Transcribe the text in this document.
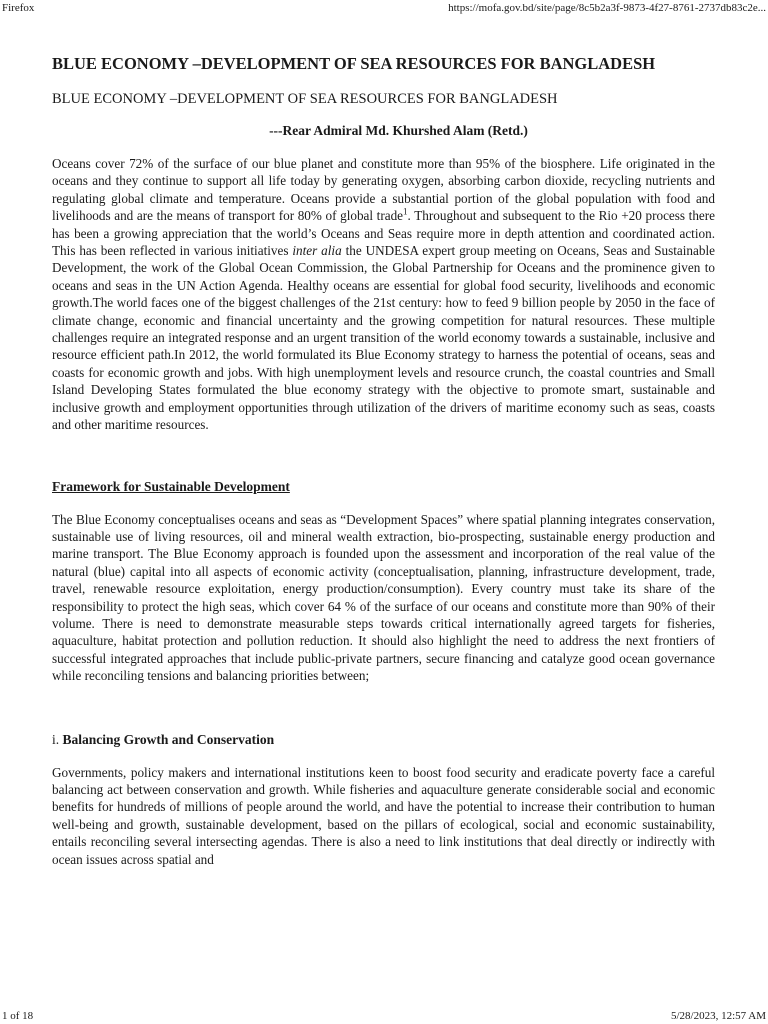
Firefox	https://mofa.gov.bd/site/page/8c5b2a3f-9873-4f27-8761-2737db83c2e...
BLUE ECONOMY –DEVELOPMENT OF SEA RESOURCES FOR BANGLADESH
BLUE ECONOMY –DEVELOPMENT OF SEA RESOURCES FOR BANGLADESH
---Rear Admiral Md. Khurshed Alam (Retd.)

Oceans cover 72% of the surface of our blue planet and constitute more than 95% of the biosphere. Life originated in the oceans and they continue to support all life today by generating oxygen, absorbing carbon dioxide, recycling nutrients and regulating global climate and temperature. Oceans provide a substantial portion of the global population with food and livelihoods and are the means of transport for 80% of global trade$^1$. Throughout and subsequent to the Rio +20 process there has been a growing appreciation that the world’s Oceans and Seas require more in depth attention and coordinated action. This has been reflected in various initiatives inter alia the UNDESA expert group meeting on Oceans, Seas and Sustainable Development, the work of the Global Ocean Commission, the Global Partnership for Oceans and the prominence given to oceans and seas in the UN Action Agenda. Healthy oceans are essential for global food security, livelihoods and economic growth.The world faces one of the biggest challenges of the 21st century: how to feed 9 billion people by 2050 in the face of climate change, economic and financial uncertainty and the growing competition for natural resources. These multiple challenges require an integrated response and an urgent transition of the world economy towards a sustainable, inclusive and resource efficient path.In 2012, the world formulated its Blue Economy strategy to harness the potential of oceans, seas and coasts for economic growth and jobs. With high unemployment levels and resource crunch, the coastal countries and Small Island Developing States formulated the blue economy strategy with the objective to promote smart, sustainable and inclusive growth and employment opportunities through utilization of the drivers of maritime economy such as seas, coasts and other maritime resources.

Framework for Sustainable Development

The Blue Economy conceptualises oceans and seas as “Development Spaces” where spatial planning integrates conservation, sustainable use of living resources, oil and mineral wealth extraction, bio-prospecting, sustainable energy production and marine transport. The Blue Economy approach is founded upon the assessment and incorporation of the real value of the natural (blue) capital into all aspects of economic activity (conceptualisation, planning, infrastructure development, trade, travel, renewable resource exploitation, energy production/consumption). Every country must take its share of the responsibility to protect the high seas, which cover 64 % of the surface of our oceans and constitute more than 90% of their volume. There is need to demonstrate measurable steps towards critical internationally agreed targets for fisheries, aquaculture, habitat protection and pollution reduction. It should also highlight the need to address the next frontiers of successful integrated approaches that include public-private partners, secure financing and catalyze good ocean governance while reconciling tensions and balancing priorities between;

i. Balancing Growth and Conservation

Governments, policy makers and international institutions keen to boost food security and eradicate poverty face a careful balancing act between conservation and growth. While fisheries and aquaculture generate considerable social and economic benefits for hundreds of millions of people around the world, and have the potential to increase their contribution to human well-being and growth, sustainable development, based on the pillars of ecological, social and economic sustainability, entails reconciling several intersecting agendas. There is also a need to link institutions that deal directly or indirectly with ocean issues across spatial and

1 of 18	5/28/2023, 12:57 AM
